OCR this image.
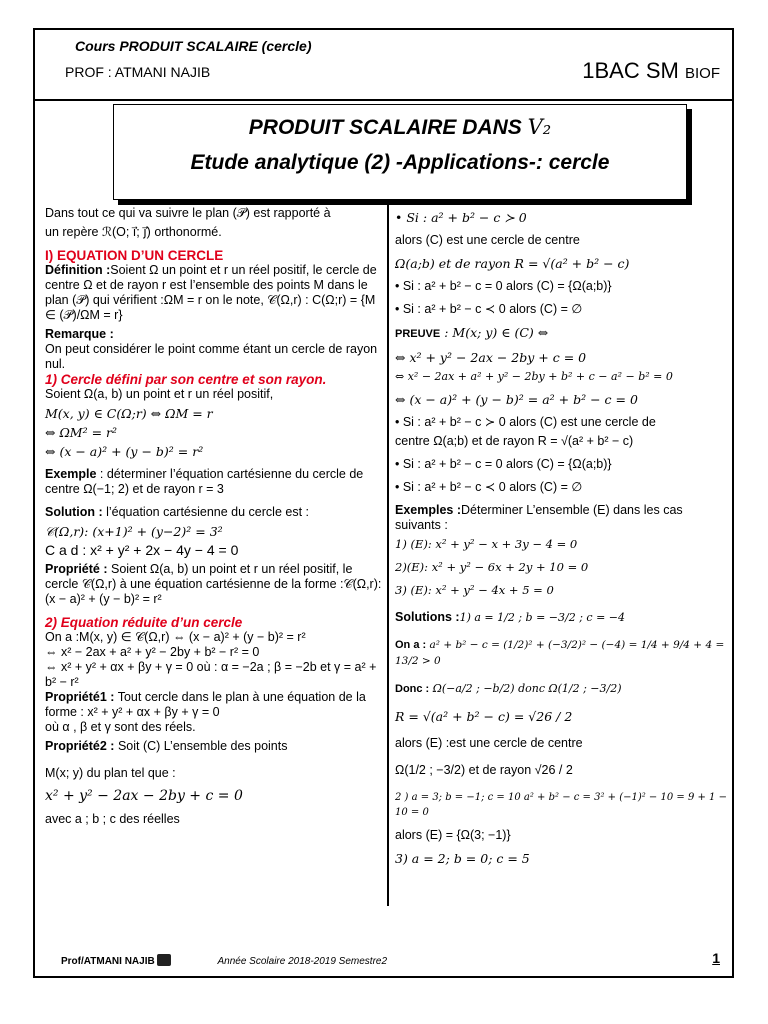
Cours PRODUIT SCALAIRE (cercle)
PROF : ATMANI NAJIB	1BAC SM BIOF
PRODUIT SCALAIRE DANS V₂
Etude analytique (2) -Applications-: cercle

Dans tout ce qui va suivre le plan (𝒫) est rapporté à

un repère ℛ(O; i⃗; j⃗) orthonormé.

I) EQUATION D’UN CERCLE

Définition :Soient Ω un point et r un réel positif, le cercle de centre Ω et de rayon r est l’ensemble des points M dans le plan (𝒫) qui vérifient :ΩM = r on le note, 𝒞(Ω,r) : C(Ω;r) = {M ∈ (𝒫)/ΩM = r}

Remarque :

On peut considérer le point comme étant un cercle de rayon nul.

1) Cercle défini par son centre et son rayon.

Soient Ω(a, b) un point et r un réel positif,

M(x, y) ∈ C(Ω;r) ⇔ ΩM = r

⇔ ΩM² = r²

⇔ (x − a)² + (y − b)² = r²

Exemple : déterminer l’équation cartésienne du cercle de centre Ω(−1; 2) et de rayon r = 3

Solution : l’équation cartésienne du cercle est :

𝒞(Ω,r): (x+1)² + (y−2)² = 3²

C a d : x² + y² + 2x − 4y − 4 = 0

Propriété : Soient Ω(a, b) un point et r un réel positif, le cercle 𝒞(Ω,r) à une équation cartésienne de la forme :𝒞(Ω,r): (x − a)² + (y − b)² = r²

2) Equation réduite d’un cercle

On a :M(x, y) ∈ 𝒞(Ω,r) ⇔ (x − a)² + (y − b)² = r²

⇔ x² − 2ax + a² + y² − 2by + b² − r² = 0

⇔ x² + y² + αx + βy + γ = 0 où : α = −2a ; β = −2b et γ = a² + b² − r²

Propriété1 : Tout cercle dans le plan à une équation de la forme : x² + y² + αx + βy + γ = 0

où α , β et γ sont des réels.

Propriété2 : Soit (C) L’ensemble des points

M(x; y) du plan tel que :

x² + y² − 2ax − 2by + c = 0

avec a ; b ; c des réelles

• Si : a² + b² − c ≻ 0

alors (C) est une cercle de centre

Ω(a;b) et de rayon R = √(a² + b² − c)

• Si : a² + b² − c = 0 alors (C) = {Ω(a;b)}

• Si : a² + b² − c ≺ 0 alors (C) = ∅

PREUVE : M(x; y) ∈ (C) ⇔

⇔ x² + y² − 2ax − 2by + c = 0

⇔ x² − 2ax + a² + y² − 2by + b² + c − a² − b² = 0

⇔ (x − a)² + (y − b)² = a² + b² − c = 0

• Si : a² + b² − c ≻ 0 alors (C) est une cercle de

centre Ω(a;b) et de rayon R = √(a² + b² − c)

• Si : a² + b² − c = 0 alors (C) = {Ω(a;b)}

• Si : a² + b² − c ≺ 0 alors (C) = ∅

Exemples :Déterminer L’ensemble (E) dans les cas suivants :

1) (E): x² + y² − x + 3y − 4 = 0

2)(E): x² + y² − 6x + 2y + 10 = 0

3) (E): x² + y² − 4x + 5 = 0

Solutions :1) a = 1/2 ; b = −3/2 ; c = −4

On a : a² + b² − c = (1/2)² + (−3/2)² − (−4) = 1/4 + 9/4 + 4 = 13/2 > 0

Donc : Ω(−a/2 ; −b/2) donc Ω(1/2 ; −3/2)

R = √(a² + b² − c) = √26 / 2

alors (E) :est une cercle de centre

Ω(1/2 ; −3/2) et de rayon √26 / 2

2 ) a = 3; b = −1; c = 10 a² + b² − c = 3² + (−1)² − 10 = 9 + 1 − 10 = 0

alors (E) = {Ω(3; −1)}

3) a = 2; b = 0; c = 5

Prof/ATMANI NAJIB	Année Scolaire 2018-2019 Semestre2	1
